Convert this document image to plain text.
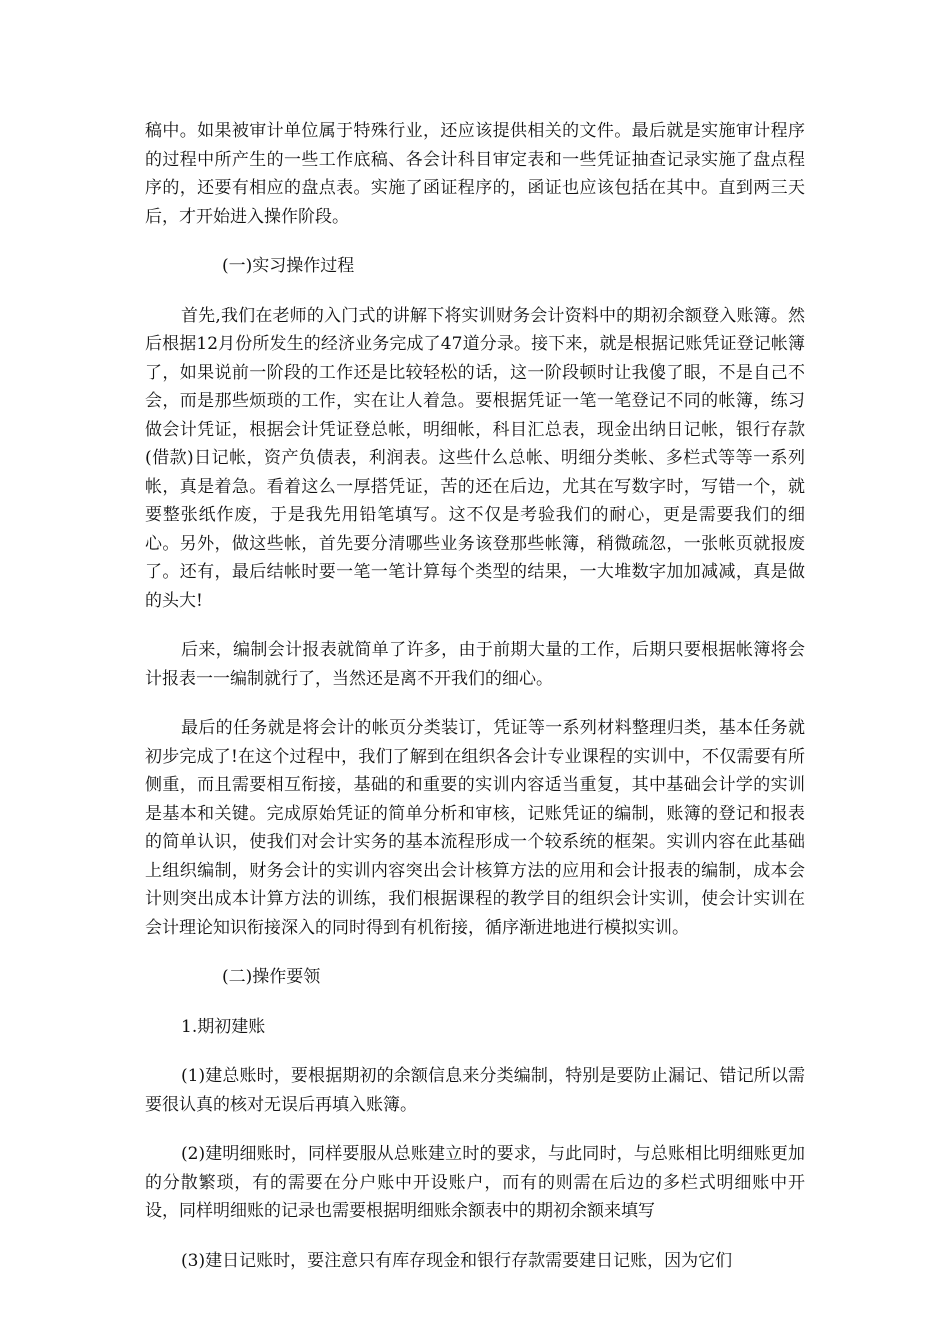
稿中。如果被审计单位属于特殊行业，还应该提供相关的文件。最后就是实施审计程序的过程中所产生的一些工作底稿、各会计科目审定表和一些凭证抽查记录实施了盘点程序的，还要有相应的盘点表。实施了函证程序的，函证也应该包括在其中。直到两三天后，才开始进入操作阶段。

(一)实习操作过程

首先,我们在老师的入门式的讲解下将实训财务会计资料中的期初余额登入账簿。然后根据12月份所发生的经济业务完成了47道分录。接下来，就是根据记账凭证登记帐簿了，如果说前一阶段的工作还是比较轻松的话，这一阶段顿时让我傻了眼，不是自己不会，而是那些烦琐的工作，实在让人着急。要根据凭证一笔一笔登记不同的帐簿，练习做会计凭证，根据会计凭证登总帐，明细帐，科目汇总表，现金出纳日记帐，银行存款(借款)日记帐，资产负债表，利润表。这些什么总帐、明细分类帐、多栏式等等一系列帐，真是着急。看着这么一厚搭凭证，苦的还在后边，尤其在写数字时，写错一个，就要整张纸作废，于是我先用铅笔填写。这不仅是考验我们的耐心，更是需要我们的细心。另外，做这些帐，首先要分清哪些业务该登那些帐簿，稍微疏忽，一张帐页就报废了。还有，最后结帐时要一笔一笔计算每个类型的结果，一大堆数字加加减减，真是做的头大!

后来，编制会计报表就简单了许多，由于前期大量的工作，后期只要根据帐簿将会计报表一一编制就行了，当然还是离不开我们的细心。

最后的任务就是将会计的帐页分类装订，凭证等一系列材料整理归类，基本任务就初步完成了!在这个过程中，我们了解到在组织各会计专业课程的实训中，不仅需要有所侧重，而且需要相互衔接，基础的和重要的实训内容适当重复，其中基础会计学的实训是基本和关键。完成原始凭证的简单分析和审核，记账凭证的编制，账簿的登记和报表的简单认识，使我们对会计实务的基本流程形成一个较系统的框架。实训内容在此基础上组织编制，财务会计的实训内容突出会计核算方法的应用和会计报表的编制，成本会计则突出成本计算方法的训练，我们根据课程的教学目的组织会计实训，使会计实训在会计理论知识衔接深入的同时得到有机衔接，循序渐进地进行模拟实训。

(二)操作要领

1.期初建账

(1)建总账时，要根据期初的余额信息来分类编制，特别是要防止漏记、错记所以需要很认真的核对无误后再填入账簿。

(2)建明细账时，同样要服从总账建立时的要求，与此同时，与总账相比明细账更加的分散繁琐，有的需要在分户账中开设账户，而有的则需在后边的多栏式明细账中开设，同样明细账的记录也需要根据明细账余额表中的期初余额来填写

(3)建日记账时，要注意只有库存现金和银行存款需要建日记账，因为它们
